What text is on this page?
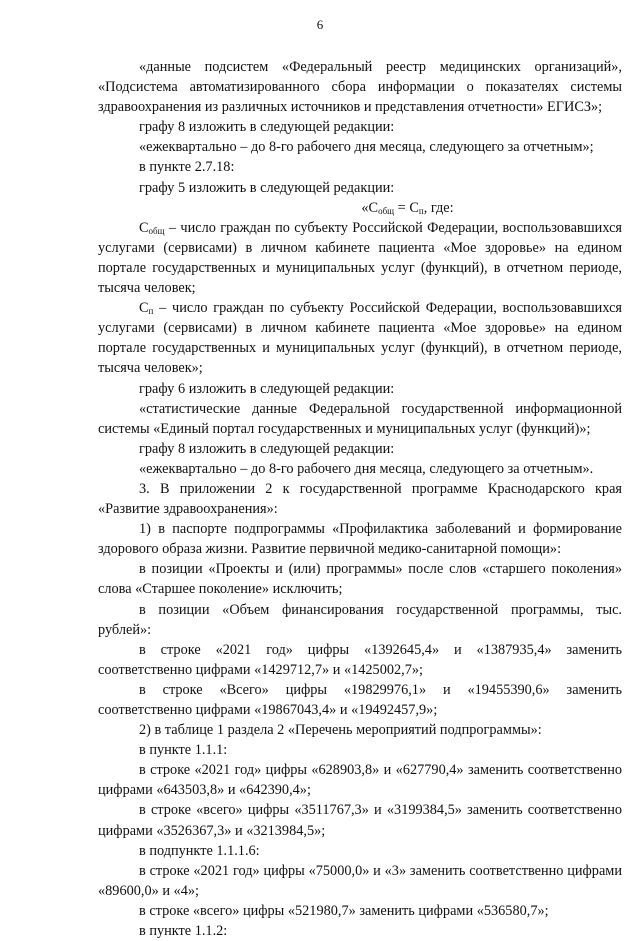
6

«данные подсистем «Федеральный реестр медицинских организаций», «Подсистема автоматизированного сбора информации о показателях системы здравоохранения из различных источников и представления отчетности» ЕГИСЗ»;

графу 8 изложить в следующей редакции:

«ежеквартально – до 8-го рабочего дня месяца, следующего за отчетным»;

в пункте 2.7.18:

графу 5 изложить в следующей редакции:

«$С_{общ} = С_п$, где:

$С_{общ}$ – число граждан по субъекту Российской Федерации, воспользовавшихся услугами (сервисами) в личном кабинете пациента «Мое здоровье» на едином портале государственных и муниципальных услуг (функций), в отчетном периоде, тысяча человек;

$С_п$ – число граждан по субъекту Российской Федерации, воспользовавшихся услугами (сервисами) в личном кабинете пациента «Мое здоровье» на едином портале государственных и муниципальных услуг (функций), в отчетном периоде, тысяча человек»;

графу 6 изложить в следующей редакции:

«статистические данные Федеральной государственной информационной системы «Единый портал государственных и муниципальных услуг (функций)»;

графу 8 изложить в следующей редакции:

«ежеквартально – до 8-го рабочего дня месяца, следующего за отчетным».

3. В приложении 2 к государственной программе Краснодарского края «Развитие здравоохранения»:

1) в паспорте подпрограммы «Профилактика заболеваний и формирование здорового образа жизни. Развитие первичной медико-санитарной помощи»:

в позиции «Проекты и (или) программы» после слов «старшего поколения» слова «Старшее поколение» исключить;

в позиции «Объем финансирования государственной программы, тыс. рублей»:

в строке «2021 год» цифры «1392645,4» и «1387935,4» заменить соответственно цифрами «1429712,7» и «1425002,7»;

в строке «Всего» цифры «19829976,1» и «19455390,6» заменить соответственно цифрами «19867043,4» и «19492457,9»;

2) в таблице 1 раздела 2 «Перечень мероприятий подпрограммы»:

в пункте 1.1.1:

в строке «2021 год» цифры «628903,8» и «627790,4» заменить соответственно цифрами «643503,8» и «642390,4»;

в строке «всего» цифры «3511767,3» и «3199384,5» заменить соответственно цифрами «3526367,3» и «3213984,5»;

в подпункте 1.1.1.6:

в строке «2021 год» цифры «75000,0» и «3» заменить соответственно цифрами «89600,0» и «4»;

в строке «всего» цифры «521980,7» заменить цифрами «536580,7»;

в пункте 1.1.2:
